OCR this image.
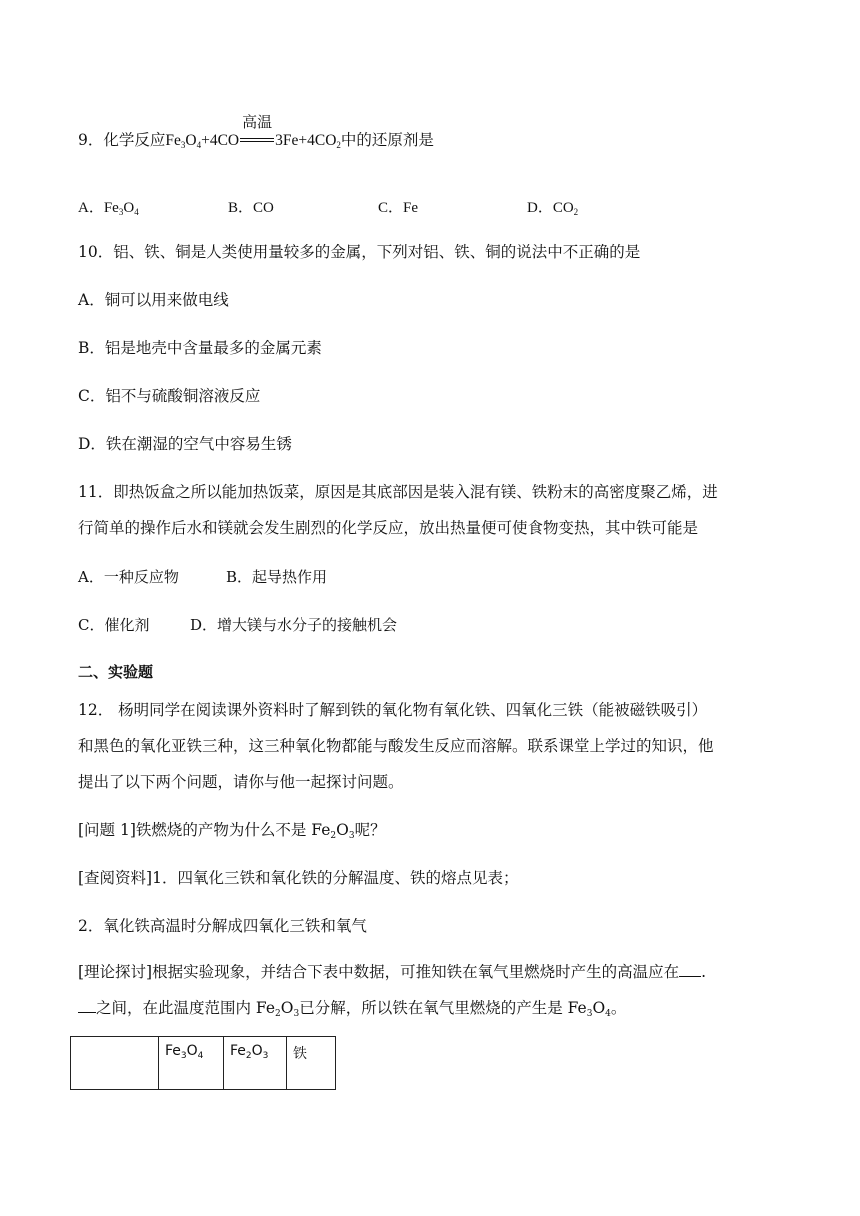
9．化学反应$Fe_3O_4+4CO$
高温
$3Fe+4CO_2$中的还原剂是
A．$Fe_3O_4$	B．CO	C．Fe	D．$CO_2$
10．铝、铁、铜是人类使用量较多的金属，下列对铝、铁、铜的说法中不正确的是
A．铜可以用来做电线
B．铝是地壳中含量最多的金属元素
C．铝不与硫酸铜溶液反应
D．铁在潮湿的空气中容易生锈
11．即热饭盒之所以能加热饭菜，原因是其底部因是装入混有镁、铁粉末的高密度聚乙烯，进
行简单的操作后水和镁就会发生剧烈的化学反应，放出热量便可使食物变热，其中铁可能是
A．一种反应物	B．起导热作用
C．催化剂	D．增大镁与水分子的接触机会
二、实验题
12． 杨明同学在阅读课外资料时了解到铁的氧化物有氧化铁、四氧化三铁（能被磁铁吸引）
和黑色的氧化亚铁三种，这三种氧化物都能与酸发生反应而溶解。联系课堂上学过的知识，他
提出了以下两个问题，请你与他一起探讨问题。
[问题 1]铁燃烧的产物为什么不是 $Fe_2O_3$呢？
[查阅资料]1．四氧化三铁和氧化铁的分解温度、铁的熔点见表；
2．氧化铁高温时分解成四氧化三铁和氧气
[理论探讨]根据实验现象，并结合下表中数据，可推知铁在氧气里燃烧时产生的高温应在 .
之间，在此温度范围内 $Fe_2O_3$已分解，所以铁在氧气里燃烧的产生是 $Fe_3O_4$。
	$Fe_3O_4$	$Fe_2O_3$	铁
